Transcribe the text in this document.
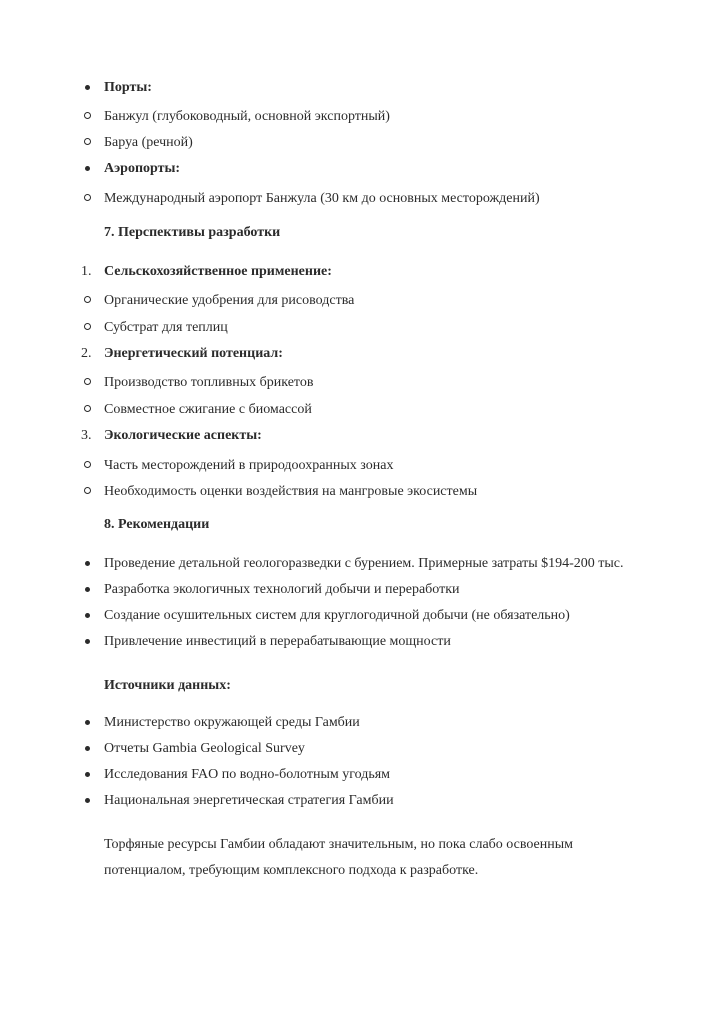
Порты:
Банжул (глубоководный, основной экспортный)
Баруа (речной)
Аэропорты:
Международный аэропорт Банжула (30 км до основных месторождений)
7. Перспективы разработки
1. Сельскохозяйственное применение:
Органические удобрения для рисоводства
Субстрат для теплиц
2. Энергетический потенциал:
Производство топливных брикетов
Совместное сжигание с биомассой
3. Экологические аспекты:
Часть месторождений в природоохранных зонах
Необходимость оценки воздействия на мангровые экосистемы
8. Рекомендации
Проведение детальной геологоразведки с бурением. Примерные затраты $194-200 тыс.
Разработка экологичных технологий добычи и переработки
Создание осушительных систем для круглогодичной добычи (не обязательно)
Привлечение инвестиций в перерабатывающие мощности
Источники данных:
Министерство окружающей среды Гамбии
Отчеты Gambia Geological Survey
Исследования FAO по водно-болотным угодьям
Национальная энергетическая стратегия Гамбии
Торфяные ресурсы Гамбии обладают значительным, но пока слабо освоенным
потенциалом, требующим комплексного подхода к разработке.
